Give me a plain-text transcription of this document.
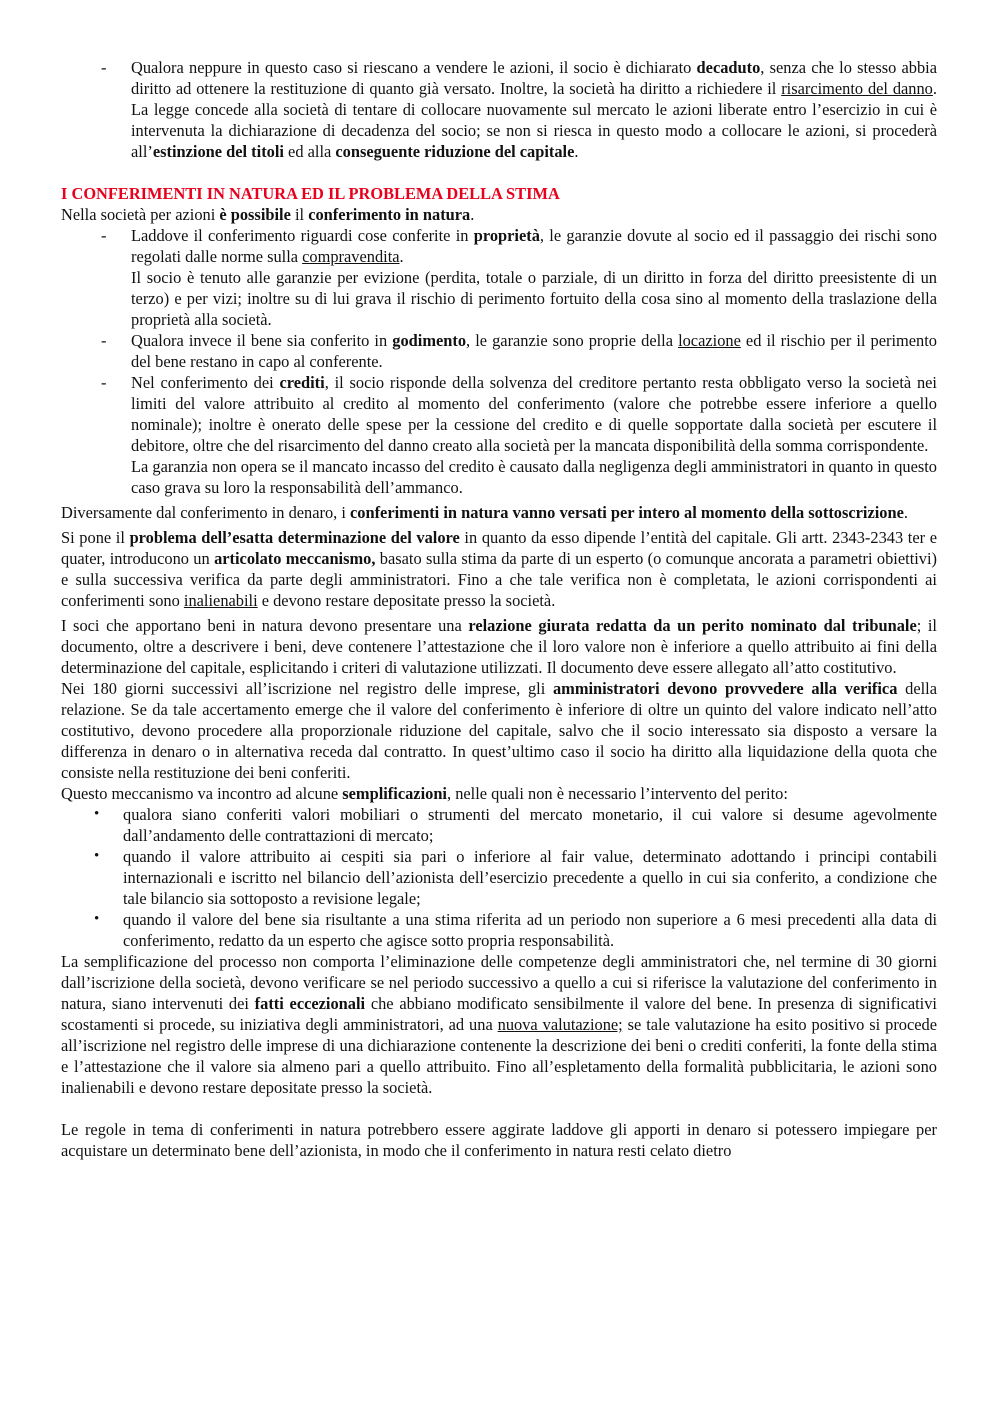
- Qualora neppure in questo caso si riescano a vendere le azioni, il socio è dichiarato decaduto, senza che lo stesso abbia diritto ad ottenere la restituzione di quanto già versato. Inoltre, la società ha diritto a richiedere il risarcimento del danno. La legge concede alla società di tentare di collocare nuovamente sul mercato le azioni liberate entro l’esercizio in cui è intervenuta la dichiarazione di decadenza del socio; se non si riesca in questo modo a collocare le azioni, si procederà all’estinzione del titoli ed alla conseguente riduzione del capitale.

I CONFERIMENTI IN NATURA ED IL PROBLEMA DELLA STIMA

Nella società per azioni è possibile il conferimento in natura.

- Laddove il conferimento riguardi cose conferite in proprietà, le garanzie dovute al socio ed il passaggio dei rischi sono regolati dalle norme sulla compravendita.

Il socio è tenuto alle garanzie per evizione (perdita, totale o parziale, di un diritto in forza del diritto preesistente di un terzo) e per vizi; inoltre su di lui grava il rischio di perimento fortuito della cosa sino al momento della traslazione della proprietà alla società.

- Qualora invece il bene sia conferito in godimento, le garanzie sono proprie della locazione ed il rischio per il perimento del bene restano in capo al conferente.

- Nel conferimento dei crediti, il socio risponde della solvenza del creditore pertanto resta obbligato verso la società nei limiti del valore attribuito al credito al momento del conferimento (valore che potrebbe essere inferiore a quello nominale); inoltre è onerato delle spese per la cessione del credito e di quelle sopportate dalla società per escutere il debitore, oltre che del risarcimento del danno creato alla società per la mancata disponibilità della somma corrispondente.

La garanzia non opera se il mancato incasso del credito è causato dalla negligenza degli amministratori in quanto in questo caso grava su loro la responsabilità dell’ammanco.

Diversamente dal conferimento in denaro, i conferimenti in natura vanno versati per intero al momento della sottoscrizione.

Si pone il problema dell’esatta determinazione del valore in quanto da esso dipende l’entità del capitale. Gli artt. 2343-2343 ter e quater, introducono un articolato meccanismo, basato sulla stima da parte di un esperto (o comunque ancorata a parametri obiettivi) e sulla successiva verifica da parte degli amministratori. Fino a che tale verifica non è completata, le azioni corrispondenti ai conferimenti sono inalienabili e devono restare depositate presso la società.

I soci che apportano beni in natura devono presentare una relazione giurata redatta da un perito nominato dal tribunale; il documento, oltre a descrivere i beni, deve contenere l’attestazione che il loro valore non è inferiore a quello attribuito ai fini della determinazione del capitale, esplicitando i criteri di valutazione utilizzati. Il documento deve essere allegato all’atto costitutivo.

Nei 180 giorni successivi all’iscrizione nel registro delle imprese, gli amministratori devono provvedere alla verifica della relazione. Se da tale accertamento emerge che il valore del conferimento è inferiore di oltre un quinto del valore indicato nell’atto costitutivo, devono procedere alla proporzionale riduzione del capitale, salvo che il socio interessato sia disposto a versare la differenza in denaro o in alternativa receda dal contratto. In quest’ultimo caso il socio ha diritto alla liquidazione della quota che consiste nella restituzione dei beni conferiti.

Questo meccanismo va incontro ad alcune semplificazioni, nelle quali non è necessario l’intervento del perito:

• qualora siano conferiti valori mobiliari o strumenti del mercato monetario, il cui valore si desume agevolmente dall’andamento delle contrattazioni di mercato;

• quando il valore attribuito ai cespiti sia pari o inferiore al fair value, determinato adottando i principi contabili internazionali e iscritto nel bilancio dell’azionista dell’esercizio precedente a quello in cui sia conferito, a condizione che tale bilancio sia sottoposto a revisione legale;

• quando il valore del bene sia risultante a una stima riferita ad un periodo non superiore a 6 mesi precedenti alla data di conferimento, redatto da un esperto che agisce sotto propria responsabilità.

La semplificazione del processo non comporta l’eliminazione delle competenze degli amministratori che, nel termine di 30 giorni dall’iscrizione della società, devono verificare se nel periodo successivo a quello a cui si riferisce la valutazione del conferimento in natura, siano intervenuti dei fatti eccezionali che abbiano modificato sensibilmente il valore del bene. In presenza di significativi scostamenti si procede, su iniziativa degli amministratori, ad una nuova valutazione; se tale valutazione ha esito positivo si procede all’iscrizione nel registro delle imprese di una dichiarazione contenente la descrizione dei beni o crediti conferiti, la fonte della stima e l’attestazione che il valore sia almeno pari a quello attribuito. Fino all’espletamento della formalità pubblicitaria, le azioni sono inalienabili e devono restare depositate presso la società.

Le regole in tema di conferimenti in natura potrebbero essere aggirate laddove gli apporti in denaro si potessero impiegare per acquistare un determinato bene dell’azionista, in modo che il conferimento in natura resti celato dietro
